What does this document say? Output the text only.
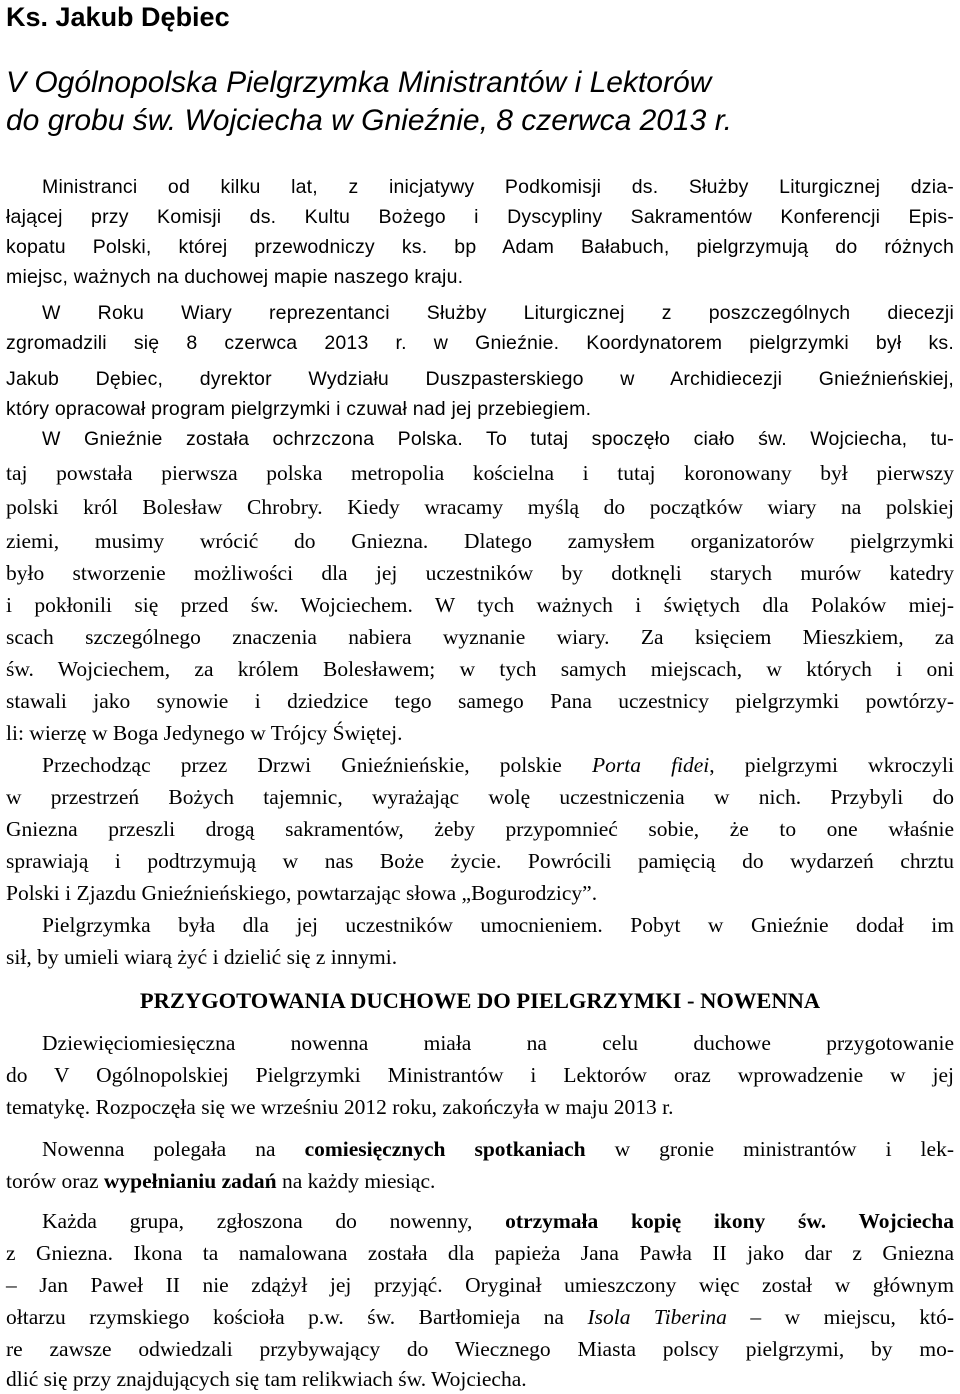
Ks. Jakub Dębiec
V Ogólnopolska Pielgrzymka Ministrantów i Lektorów
do grobu św. Wojciecha w Gnieźnie, 8 czerwca 2013 r.
Ministranci od kilku lat, z inicjatywy Podkomisji ds. Służby Liturgicznej dzia-
łającej przy Komisji ds. Kultu Bożego i Dyscypliny Sakramentów Konferencji Epis-
kopatu Polski, której przewodniczy ks. bp Adam Bałabuch, pielgrzymują do różnych
miejsc, ważnych na duchowej mapie naszego kraju.
W Roku Wiary reprezentanci Służby Liturgicznej z poszczególnych diecezji
zgromadzili się 8 czerwca 2013 r. w Gnieźnie. Koordynatorem pielgrzymki był ks.
Jakub Dębiec, dyrektor Wydziału Duszpasterskiego w Archidiecezji Gnieźnieńskiej,
który opracował program pielgrzymki i czuwał nad jej przebiegiem.
W Gnieźnie została ochrzczona Polska. To tutaj spoczęło ciało św. Wojciecha, tu-
taj powstała pierwsza polska metropolia kościelna i tutaj koronowany był pierwszy
polski król Bolesław Chrobry. Kiedy wracamy myślą do początków wiary na polskiej
ziemi, musimy wrócić do Gniezna. Dlatego zamysłem organizatorów pielgrzymki
było stworzenie możliwości dla jej uczestników by dotknęli starych murów katedry
i pokłonili się przed św. Wojciechem. W tych ważnych i świętych dla Polaków miej-
scach szczególnego znaczenia nabiera wyznanie wiary. Za księciem Mieszkiem, za
św. Wojciechem, za królem Bolesławem; w tych samych miejscach, w których i oni
stawali jako synowie i dziedzice tego samego Pana uczestnicy pielgrzymki powtórzy-
li: wierzę w Boga Jedynego w Trójcy Świętej.
Przechodząc przez Drzwi Gnieźnieńskie, polskie Porta fidei, pielgrzymi wkroczyli
w przestrzeń Bożych tajemnic, wyrażając wolę uczestniczenia w nich. Przybyli do
Gniezna przeszli drogą sakramentów, żeby przypomnieć sobie, że to one właśnie
sprawiają i podtrzymują w nas Boże życie. Powrócili pamięcią do wydarzeń chrztu
Polski i Zjazdu Gnieźnieńskiego, powtarzając słowa „Bogurodzicy”.
Pielgrzymka była dla jej uczestników umocnieniem. Pobyt w Gnieźnie dodał im
sił, by umieli wiarą żyć i dzielić się z innymi.
PRZYGOTOWANIA DUCHOWE DO PIELGRZYMKI - NOWENNA
Dziewięciomiesięczna nowenna miała na celu duchowe przygotowanie
do V Ogólnopolskiej Pielgrzymki Ministrantów i Lektorów oraz wprowadzenie w jej
tematykę. Rozpoczęła się we wrześniu 2012 roku, zakończyła w maju 2013 r.
Nowenna polegała na comiesięcznych spotkaniach w gronie ministrantów i lek-
torów oraz wypełnianiu zadań na każdy miesiąc.
Każda grupa, zgłoszona do nowenny, otrzymała kopię ikony św. Wojciecha
z Gniezna. Ikona ta namalowana została dla papieża Jana Pawła II jako dar z Gniezna
– Jan Paweł II nie zdążył jej przyjąć. Oryginał umieszczony więc został w głównym
ołtarzu rzymskiego kościoła p.w. św. Bartłomieja na Isola Tiberina – w miejscu, któ-
re zawsze odwiedzali przybywający do Wiecznego Miasta polscy pielgrzymi, by mo-
dlić się przy znajdujących się tam relikwiach św. Wojciecha.
